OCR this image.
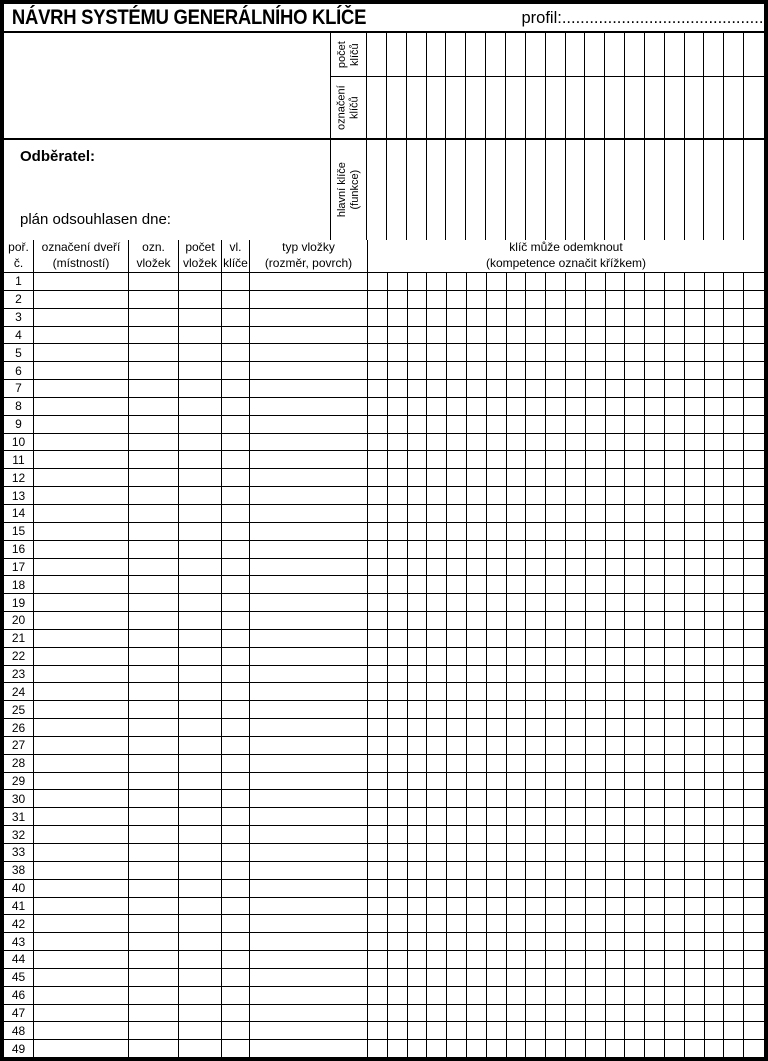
NÁVRH SYSTÉMU GENERÁLNÍHO KLÍČE	profil:............................................
Odběratel:
plán odsouhlasen dne:
počet klíčů
označení klíčů
hlavní klíče (funkce)
poř.
č.
označení dveří
(místností)
ozn.
vložek
počet
vložek
vl.
klíče
typ vložky
(rozměr, povrch)
klíč může odemknout
(kompetence označit křížkem)
1
2
3
4
5
6
7
8
9
10
11
12
13
14
15
16
17
18
19
20
21
22
23
24
25
26
27
28
29
30
31
32
33
38
40
41
42
43
44
45
46
47
48
49
